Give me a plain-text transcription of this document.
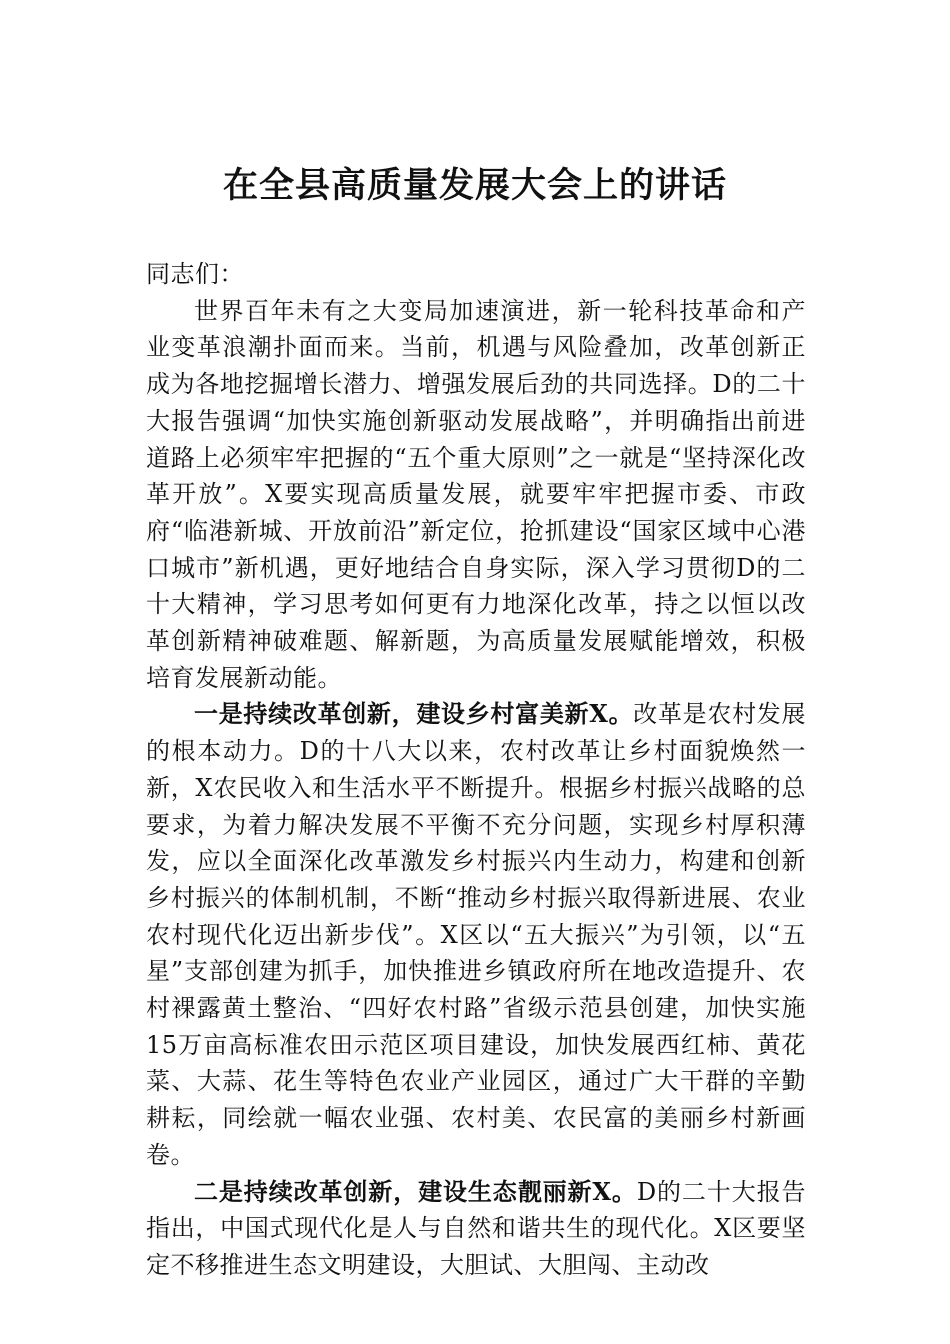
在全县高质量发展大会上的讲话

同志们：

世界百年未有之大变局加速演进，新一轮科技革命和产业变革浪潮扑面而来。当前，机遇与风险叠加，改革创新正成为各地挖掘增长潜力、增强发展后劲的共同选择。D的二十大报告强调“加快实施创新驱动发展战略”，并明确指出前进道路上必须牢牢把握的“五个重大原则”之一就是“坚持深化改革开放”。X要实现高质量发展，就要牢牢把握市委、市政府“临港新城、开放前沿”新定位，抢抓建设“国家区域中心港口城市”新机遇，更好地结合自身实际，深入学习贯彻D的二十大精神，学习思考如何更有力地深化改革，持之以恒以改革创新精神破难题、解新题，为高质量发展赋能增效，积极培育发展新动能。

一是持续改革创新，建设乡村富美新X。改革是农村发展的根本动力。D的十八大以来，农村改革让乡村面貌焕然一新，X农民收入和生活水平不断提升。根据乡村振兴战略的总要求，为着力解决发展不平衡不充分问题，实现乡村厚积薄发，应以全面深化改革激发乡村振兴内生动力，构建和创新乡村振兴的体制机制，不断“推动乡村振兴取得新进展、农业农村现代化迈出新步伐”。X区以“五大振兴”为引领，以“五星”支部创建为抓手，加快推进乡镇政府所在地改造提升、农村裸露黄土整治、“四好农村路”省级示范县创建，加快实施15万亩高标准农田示范区项目建设，加快发展西红柿、黄花菜、大蒜、花生等特色农业产业园区，通过广大干群的辛勤耕耘，同绘就一幅农业强、农村美、农民富的美丽乡村新画卷。

二是持续改革创新，建设生态靓丽新X。D的二十大报告指出，中国式现代化是人与自然和谐共生的现代化。X区要坚定不移推进生态文明建设，大胆试、大胆闯、主动改
